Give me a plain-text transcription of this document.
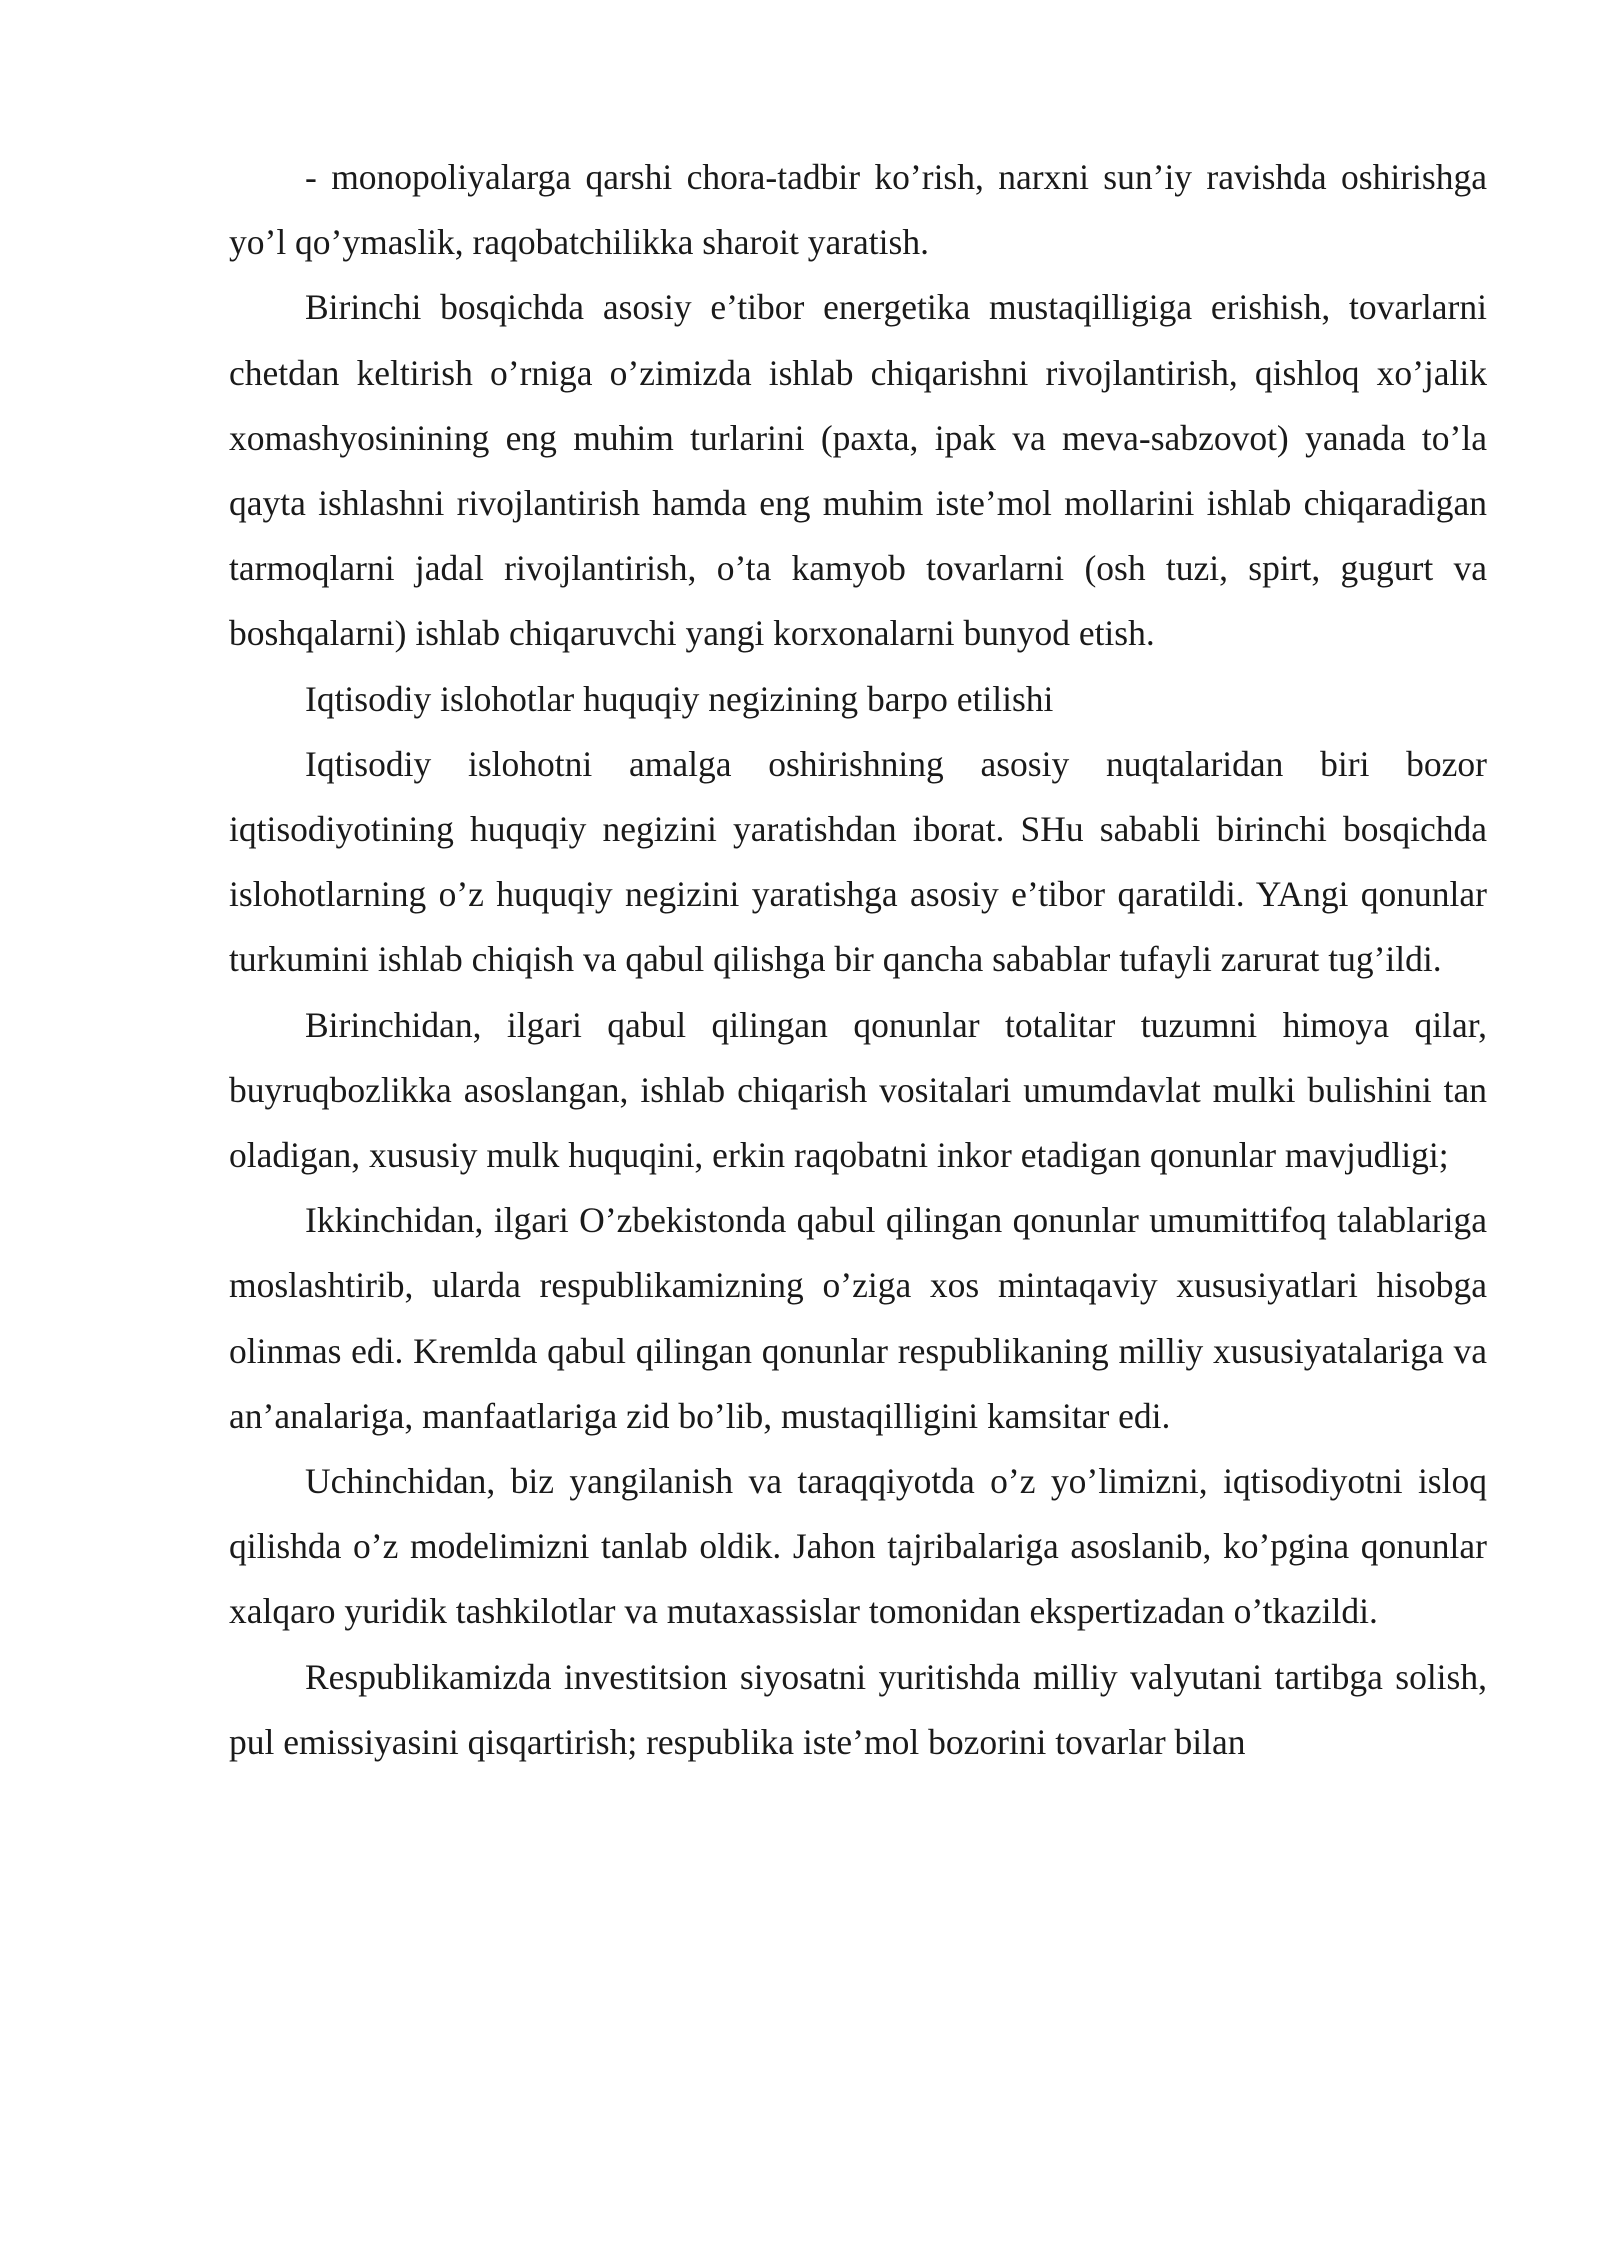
- monopoliyalarga qarshi chora-tadbir ko’rish, narxni sun’iy ravishda oshirishga yo’l qo’ymaslik, raqobatchilikka sharoit yaratish.

Birinchi bosqichda asosiy e’tibor energetika mustaqilligiga erishish, tovarlarni chetdan keltirish o’rniga o’zimizda ishlab chiqarishni rivojlantirish, qishloq xo’jalik xomashyosinining eng muhim turlarini (paxta, ipak va meva-sabzovot) yanada to’la qayta ishlashni rivojlantirish hamda eng muhim iste’mol mollarini ishlab chiqaradigan tarmoqlarni jadal rivojlantirish, o’ta kamyob tovarlarni (osh tuzi, spirt, gugurt va boshqalarni) ishlab chiqaruvchi yangi korxonalarni bunyod etish.

Iqtisodiy islohotlar huquqiy negizining barpo etilishi

Iqtisodiy islohotni amalga oshirishning asosiy nuqtalaridan biri bozor iqtisodiyotining huquqiy negizini yaratishdan iborat. SHu sababli birinchi bosqichda islohotlarning o’z huquqiy negizini yaratishga asosiy e’tibor qaratildi. YAngi qonunlar turkumini ishlab chiqish va qabul qilishga bir qancha sabablar tufayli zarurat tug’ildi.

Birinchidan, ilgari qabul qilingan qonunlar totalitar tuzumni himoya qilar, buyruqbozlikka asoslangan, ishlab chiqarish vositalari umumdavlat mulki bulishini tan oladigan, xususiy mulk huquqini, erkin raqobatni inkor etadigan qonunlar mavjudligi;

Ikkinchidan, ilgari O’zbekistonda qabul qilingan qonunlar umumittifoq talablariga moslashtirib, ularda respublikamizning o’ziga xos mintaqaviy xususiyatlari hisobga olinmas edi. Kremlda qabul qilingan qonunlar respublikaning milliy xususiyatalariga va an’analariga, manfaatlariga zid bo’lib, mustaqilligini kamsitar edi.

Uchinchidan, biz yangilanish va taraqqiyotda o’z yo’limizni, iqtisodiyotni isloq qilishda o’z modelimizni tanlab oldik. Jahon tajribalariga asoslanib, ko’pgina qonunlar xalqaro yuridik tashkilotlar va mutaxassislar tomonidan ekspertizadan o’tkazildi.

Respublikamizda investitsion siyosatni yuritishda milliy valyutani tartibga solish, pul emissiyasini qisqartirish; respublika iste’mol bozorini tovarlar bilan
